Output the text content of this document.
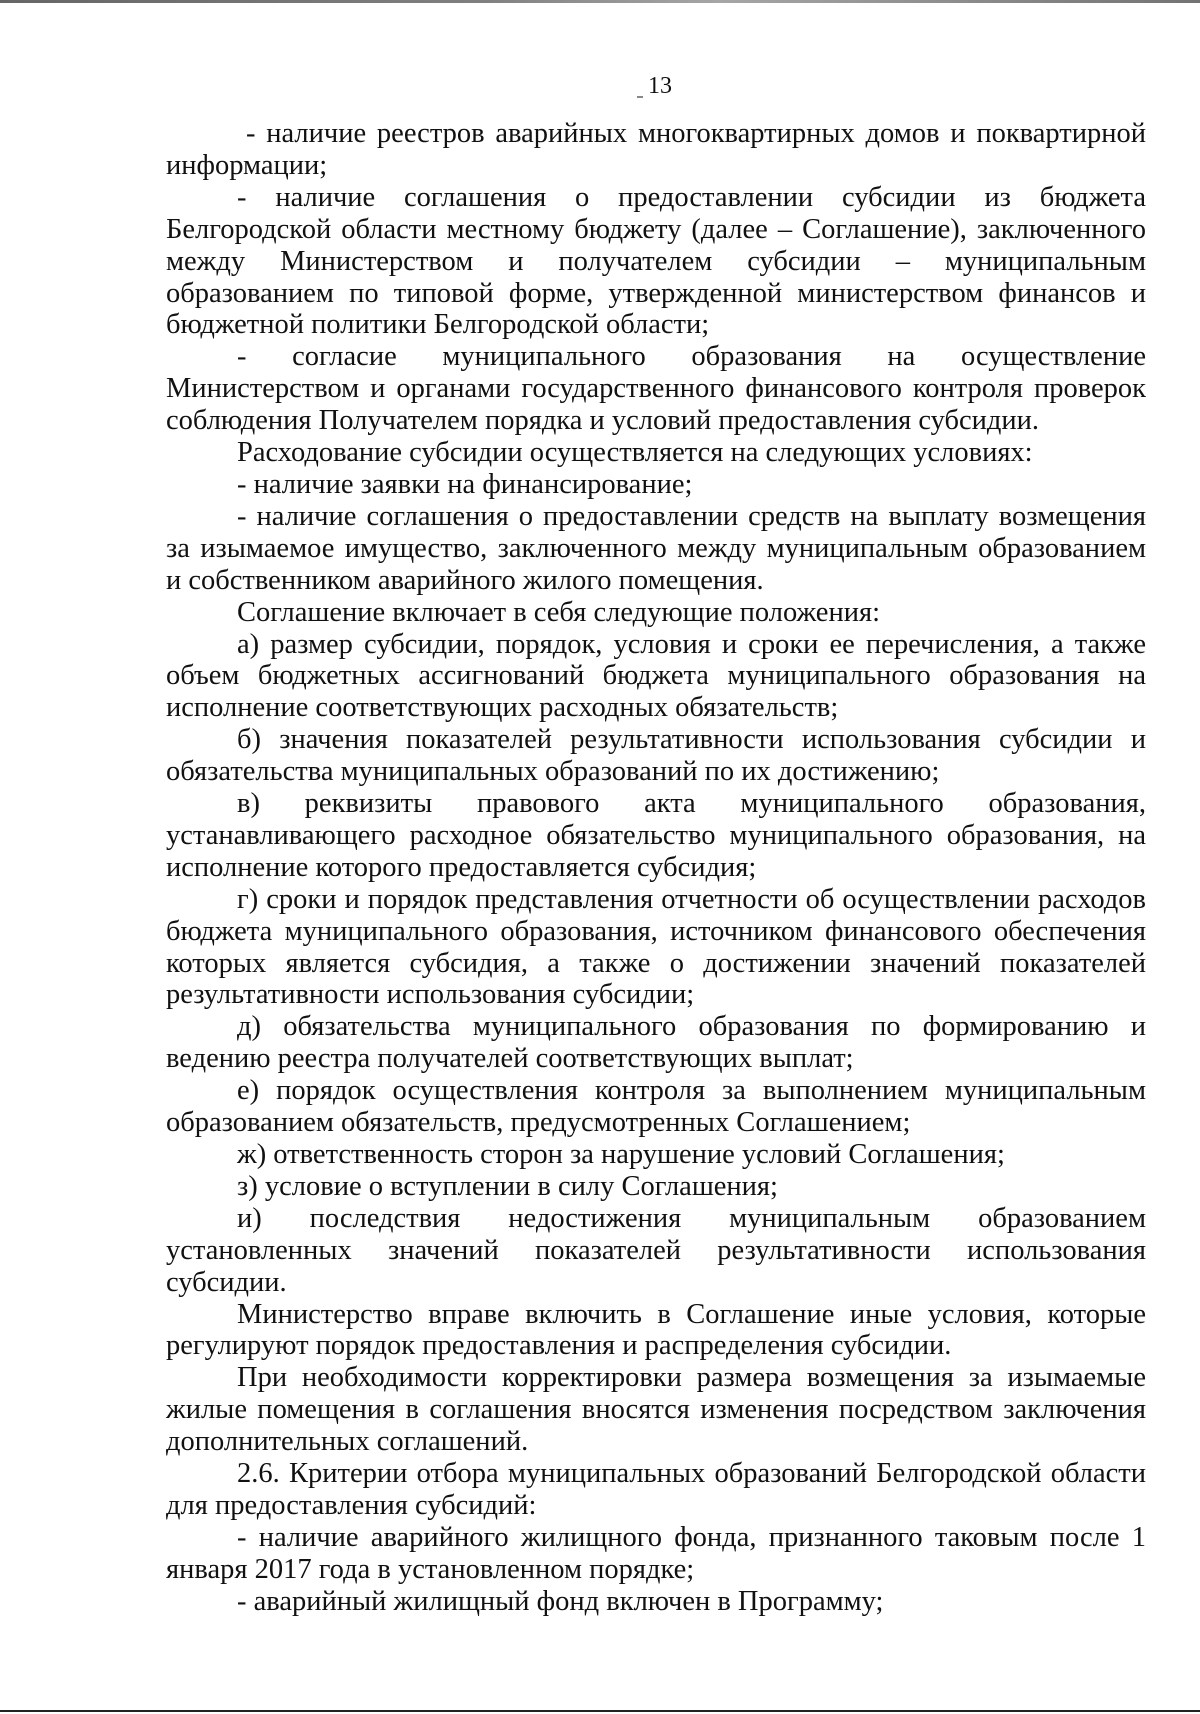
13

- наличие реестров аварийных многоквартирных домов и поквартирной информации;

- наличие соглашения о предоставлении субсидии из бюджета Белгородской области местному бюджету (далее – Соглашение), заключенного между Министерством и получателем субсидии – муниципальным образованием по типовой форме, утвержденной министерством финансов и бюджетной политики Белгородской области;

- согласие муниципального образования на осуществление Министерством и органами государственного финансового контроля проверок соблюдения Получателем порядка и условий предоставления субсидии.

Расходование субсидии осуществляется на следующих условиях:

- наличие заявки на финансирование;

- наличие соглашения о предоставлении средств на выплату возмещения за изымаемое имущество, заключенного между муниципальным образованием и собственником аварийного жилого помещения.

Соглашение включает в себя следующие положения:

а) размер субсидии, порядок, условия и сроки ее перечисления, а также объем бюджетных ассигнований бюджета муниципального образования на исполнение соответствующих расходных обязательств;

б) значения показателей результативности использования субсидии и обязательства муниципальных образований по их достижению;

в) реквизиты правового акта муниципального образования, устанавливающего расходное обязательство муниципального образования, на исполнение которого предоставляется субсидия;

г) сроки и порядок представления отчетности об осуществлении расходов бюджета муниципального образования, источником финансового обеспечения которых является субсидия, а также о достижении значений показателей результативности использования субсидии;

д) обязательства муниципального образования по формированию и ведению реестра получателей соответствующих выплат;

е) порядок осуществления контроля за выполнением муниципальным образованием обязательств, предусмотренных Соглашением;

ж) ответственность сторон за нарушение условий Соглашения;

з) условие о вступлении в силу Соглашения;

и) последствия недостижения муниципальным образованием установленных значений показателей результативности использования субсидии.

Министерство вправе включить в Соглашение иные условия, которые регулируют порядок предоставления и распределения субсидии.

При необходимости корректировки размера возмещения за изымаемые жилые помещения в соглашения вносятся изменения посредством заключения дополнительных соглашений.

2.6. Критерии отбора муниципальных образований Белгородской области для предоставления субсидий:

- наличие аварийного жилищного фонда, признанного таковым после 1 января 2017 года в установленном порядке;

- аварийный жилищный фонд включен в Программу;
